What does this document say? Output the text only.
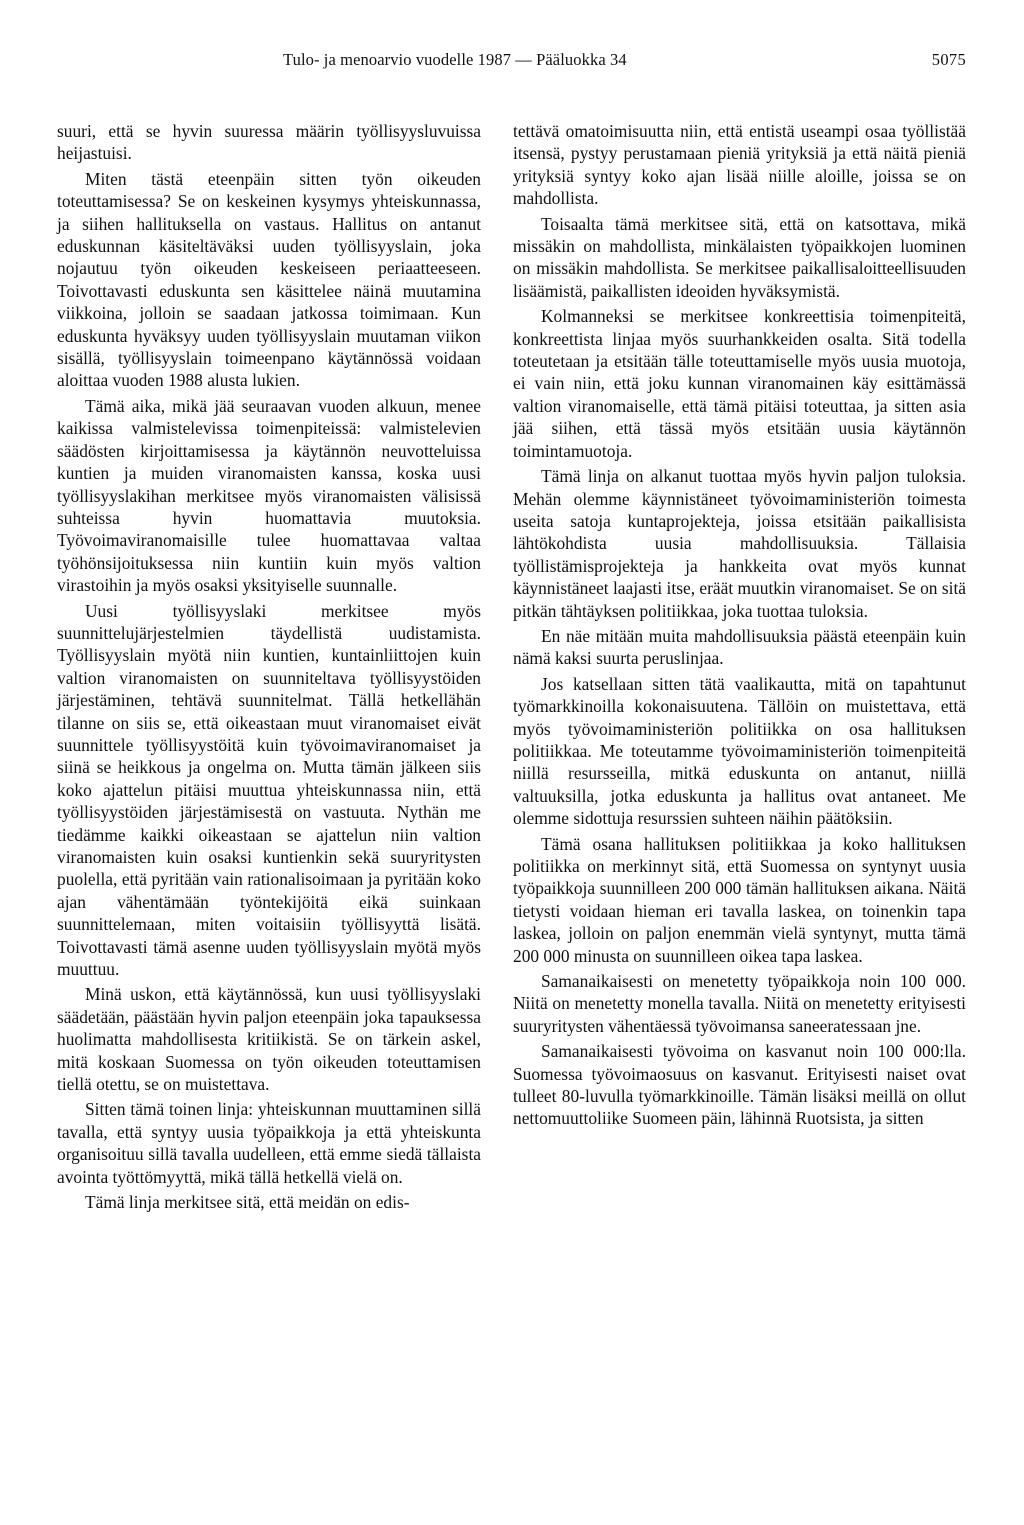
Tulo- ja menoarvio vuodelle 1987 — Pääluokka 34	5075

suuri, että se hyvin suuressa määrin työllisyysluvuissa heijastuisi.

Miten tästä eteenpäin sitten työn oikeuden toteuttamisessa? Se on keskeinen kysymys yhteiskunnassa, ja siihen hallituksella on vastaus. Hallitus on antanut eduskunnan käsiteltäväksi uuden työllisyyslain, joka nojautuu työn oikeuden keskeiseen periaatteeseen. Toivottavasti eduskunta sen käsittelee näinä muutamina viikkoina, jolloin se saadaan jatkossa toimimaan. Kun eduskunta hyväksyy uuden työllisyyslain muutaman viikon sisällä, työllisyyslain toimeenpano käytännössä voidaan aloittaa vuoden 1988 alusta lukien.

Tämä aika, mikä jää seuraavan vuoden alkuun, menee kaikissa valmistelevissa toimenpiteissä: valmistelevien säädösten kirjoittamisessa ja käytännön neuvotteluissa kuntien ja muiden viranomaisten kanssa, koska uusi työllisyyslakihan merkitsee myös viranomaisten välisissä suhteissa hyvin huomattavia muutoksia. Työvoimaviranomaisille tulee huomattavaa valtaa työhönsijoituksessa niin kuntiin kuin myös valtion virastoihin ja myös osaksi yksityiselle suunnalle.

Uusi työllisyyslaki merkitsee myös suunnittelujärjestelmien täydellistä uudistamista. Työllisyyslain myötä niin kuntien, kuntainliittojen kuin valtion viranomaisten on suunniteltava työllisyystöiden järjestäminen, tehtävä suunnitelmat. Tällä hetkellähän tilanne on siis se, että oikeastaan muut viranomaiset eivät suunnittele työllisyystöitä kuin työvoimaviranomaiset ja siinä se heikkous ja ongelma on. Mutta tämän jälkeen siis koko ajattelun pitäisi muuttua yhteiskunnassa niin, että työllisyystöiden järjestämisestä on vastuuta. Nythän me tiedämme kaikki oikeastaan se ajattelun niin valtion viranomaisten kuin osaksi kuntienkin sekä suuryritysten puolella, että pyritään vain rationalisoimaan ja pyritään koko ajan vähentämään työntekijöitä eikä suinkaan suunnittelemaan, miten voitaisiin työllisyyttä lisätä. Toivottavasti tämä asenne uuden työllisyyslain myötä myös muuttuu.

Minä uskon, että käytännössä, kun uusi työllisyyslaki säädetään, päästään hyvin paljon eteenpäin joka tapauksessa huolimatta mahdollisesta kritiikistä. Se on tärkein askel, mitä koskaan Suomessa on työn oikeuden toteuttamisen tiellä otettu, se on muistettava.

Sitten tämä toinen linja: yhteiskunnan muuttaminen sillä tavalla, että syntyy uusia työpaikkoja ja että yhteiskunta organisoituu sillä tavalla uudelleen, että emme siedä tällaista avointa työttömyyttä, mikä tällä hetkellä vielä on.

Tämä linja merkitsee sitä, että meidän on edis-

tettävä omatoimisuutta niin, että entistä useampi osaa työllistää itsensä, pystyy perustamaan pieniä yrityksiä ja että näitä pieniä yrityksiä syntyy koko ajan lisää niille aloille, joissa se on mahdollista.

Toisaalta tämä merkitsee sitä, että on katsottava, mikä missäkin on mahdollista, minkälaisten työpaikkojen luominen on missäkin mahdollista. Se merkitsee paikallisaloitteellisuuden lisäämistä, paikallisten ideoiden hyväksymistä.

Kolmanneksi se merkitsee konkreettisia toimenpiteitä, konkreettista linjaa myös suurhankkeiden osalta. Sitä todella toteutetaan ja etsitään tälle toteuttamiselle myös uusia muotoja, ei vain niin, että joku kunnan viranomainen käy esittämässä valtion viranomaiselle, että tämä pitäisi toteuttaa, ja sitten asia jää siihen, että tässä myös etsitään uusia käytännön toimintamuotoja.

Tämä linja on alkanut tuottaa myös hyvin paljon tuloksia. Mehän olemme käynnistäneet työvoimaministeriön toimesta useita satoja kuntaprojekteja, joissa etsitään paikallisista lähtökohdista uusia mahdollisuuksia. Tällaisia työllistämisprojekteja ja hankkeita ovat myös kunnat käynnistäneet laajasti itse, eräät muutkin viranomaiset. Se on sitä pitkän tähtäyksen politiikkaa, joka tuottaa tuloksia.

En näe mitään muita mahdollisuuksia päästä eteenpäin kuin nämä kaksi suurta peruslinjaa.

Jos katsellaan sitten tätä vaalikautta, mitä on tapahtunut työmarkkinoilla kokonaisuutena. Tällöin on muistettava, että myös työvoimaministeriön politiikka on osa hallituksen politiikkaa. Me toteutamme työvoimaministeriön toimenpiteitä niillä resursseilla, mitkä eduskunta on antanut, niillä valtuuksilla, jotka eduskunta ja hallitus ovat antaneet. Me olemme sidottuja resurssien suhteen näihin päätöksiin.

Tämä osana hallituksen politiikkaa ja koko hallituksen politiikka on merkinnyt sitä, että Suomessa on syntynyt uusia työpaikkoja suunnilleen 200 000 tämän hallituksen aikana. Näitä tietysti voidaan hieman eri tavalla laskea, on toinenkin tapa laskea, jolloin on paljon enemmän vielä syntynyt, mutta tämä 200 000 minusta on suunnilleen oikea tapa laskea.

Samanaikaisesti on menetetty työpaikkoja noin 100 000. Niitä on menetetty monella tavalla. Niitä on menetetty erityisesti suuryritysten vähentäessä työvoimansa saneeratessaan jne.

Samanaikaisesti työvoima on kasvanut noin 100 000:lla. Suomessa työvoimaosuus on kasvanut. Erityisesti naiset ovat tulleet 80-luvulla työmarkkinoille. Tämän lisäksi meillä on ollut nettomuuttoliike Suomeen päin, lähinnä Ruotsista, ja sitten
